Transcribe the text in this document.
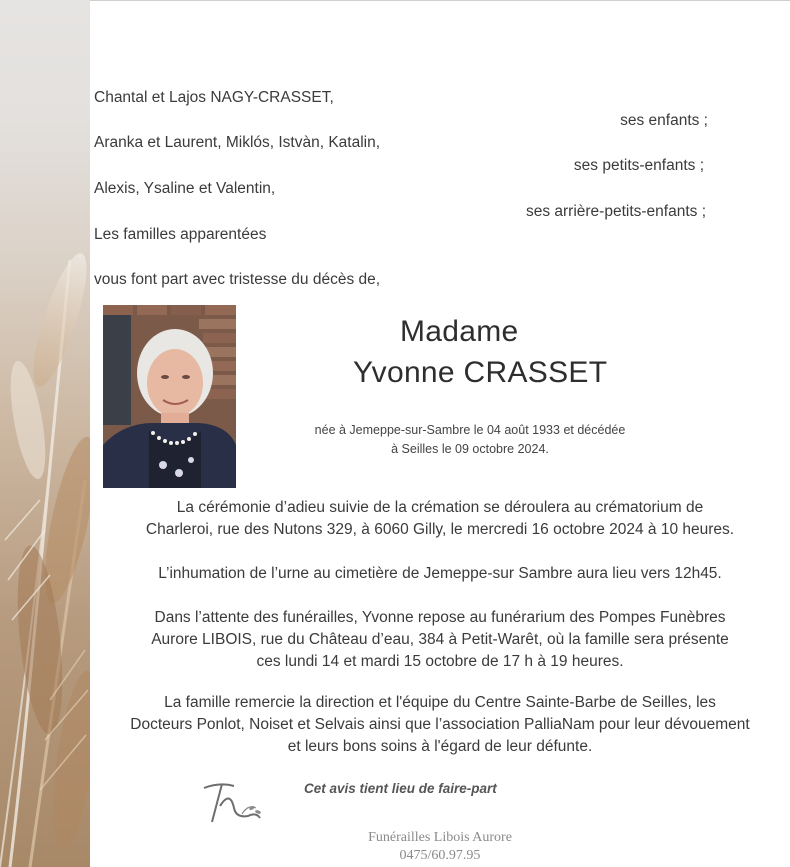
Chantal et Lajos NAGY-CRASSET,
ses enfants ;
Aranka et Laurent, Miklós, Istvàn, Katalin,
ses petits-enfants ;
Alexis, Ysaline et Valentin,
ses arrière-petits-enfants ;
Les familles apparentées
vous font part avec tristesse du décès de,
Madame
Yvonne CRASSET
née à Jemeppe-sur-Sambre le 04 août 1933 et décédée
à Seilles le 09 octobre 2024.
La cérémonie d’adieu suivie de la crémation se déroulera au crématorium de
Charleroi, rue des Nutons 329, à 6060 Gilly, le mercredi 16 octobre 2024 à 10 heures.
L’inhumation de l’urne au cimetière de Jemeppe-sur Sambre aura lieu vers 12h45.
Dans l’attente des funérailles, Yvonne repose au funérarium des Pompes Funèbres
Aurore LIBOIS, rue du Château d’eau, 384 à Petit-Warêt, où la famille sera présente
ces lundi 14 et mardi 15 octobre de 17 h à 19 heures.
La famille remercie la direction et l'équipe du Centre Sainte-Barbe de Seilles, les
Docteurs Ponlot, Noiset et Selvais ainsi que l’association PalliaNam pour leur dévouement
et leurs bons soins à l'égard de leur défunte.
Cet avis tient lieu de faire-part
Funérailles Libois Aurore
0475/60.97.95
